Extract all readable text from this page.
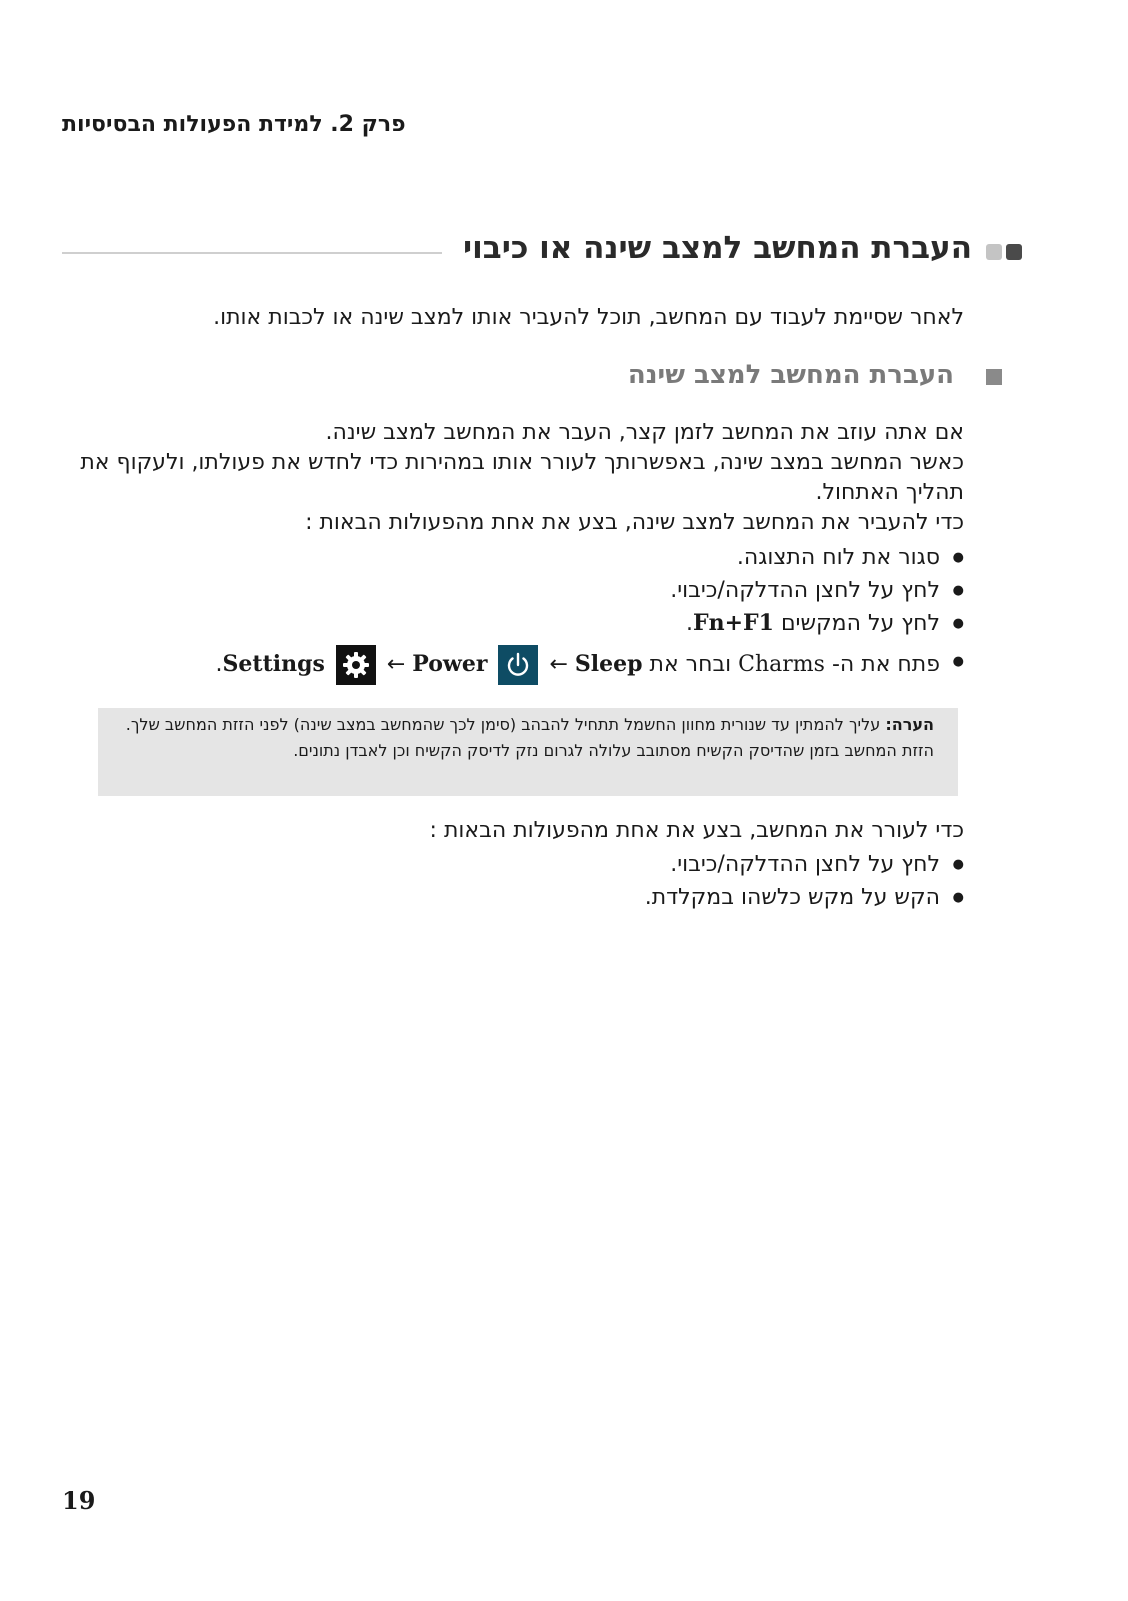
פרק 2. למידת הפעולות הבסיסיות
העברת המחשב למצב שינה או כיבוי
לאחר שסיימת לעבוד עם המחשב, תוכל להעביר אותו למצב שינה או לכבות אותו.
העברת המחשב למצב שינה

אם אתה עוזב את המחשב לזמן קצר, העבר את המחשב למצב שינה.

כאשר המחשב במצב שינה, באפשרותך לעורר אותו במהירות כדי לחדש את פעולתו, ולעקוף את תהליך האתחול.

כדי להעביר את המחשב למצב שינה, בצע את אחת מהפעולות הבאות :

● סגור את לוח התצוגה.
● לחץ על לחצן ההדלקה/כיבוי.
● לחץ על המקשים Fn+F1.
● פתח את ה- Charms ובחר את Settings	← Power	← Sleep.
הערה: עליך להמתין עד שנורית מחוון החשמל תתחיל להבהב (סימן לכך שהמחשב במצב שינה) לפני הזזת המחשב שלך. הזזת המחשב בזמן שהדיסק הקשיח מסתובב עלולה לגרום נזק לדיסק הקשיח וכן לאבדן נתונים.
כדי לעורר את המחשב, בצע את אחת מהפעולות הבאות :
● לחץ על לחצן ההדלקה/כיבוי.
● הקש על מקש כלשהו במקלדת.
19
